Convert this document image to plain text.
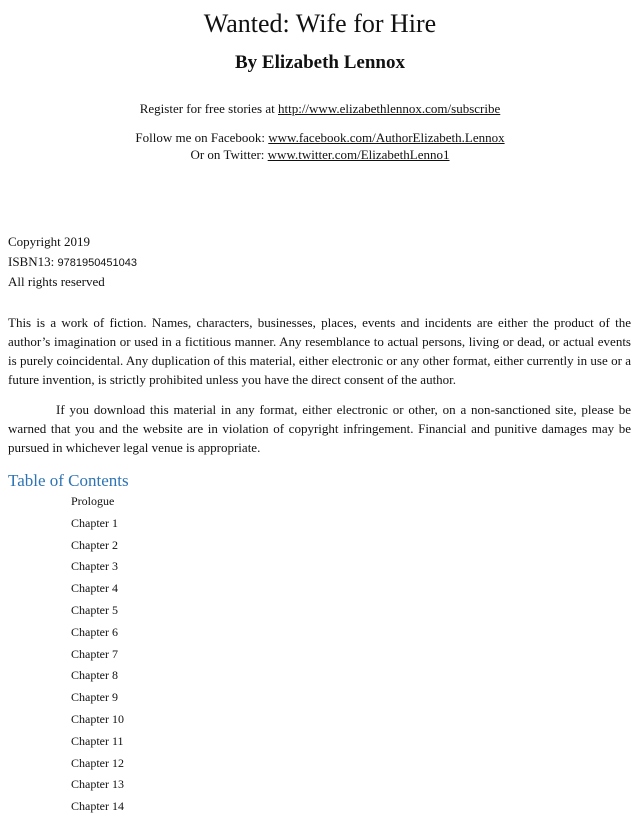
Wanted: Wife for Hire
By Elizabeth Lennox
Register for free stories at http://www.elizabethlennox.com/subscribe
Follow me on Facebook: www.facebook.com/AuthorElizabeth.Lennox
Or on Twitter: www.twitter.com/ElizabethLenno1
Copyright 2019
ISBN13: 9781950451043
All rights reserved

This is a work of fiction. Names, characters, businesses, places, events and incidents are either the product of the author’s imagination or used in a fictitious manner. Any resemblance to actual persons, living or dead, or actual events is purely coincidental. Any duplication of this material, either electronic or any other format, either currently in use or a future invention, is strictly prohibited unless you have the direct consent of the author.

If you download this material in any format, either electronic or other, on a non-sanctioned site, please be warned that you and the website are in violation of copyright infringement. Financial and punitive damages may be pursued in whichever legal venue is appropriate.

Table of Contents
Prologue
Chapter 1
Chapter 2
Chapter 3
Chapter 4
Chapter 5
Chapter 6
Chapter 7
Chapter 8
Chapter 9
Chapter 10
Chapter 11
Chapter 12
Chapter 13
Chapter 14
